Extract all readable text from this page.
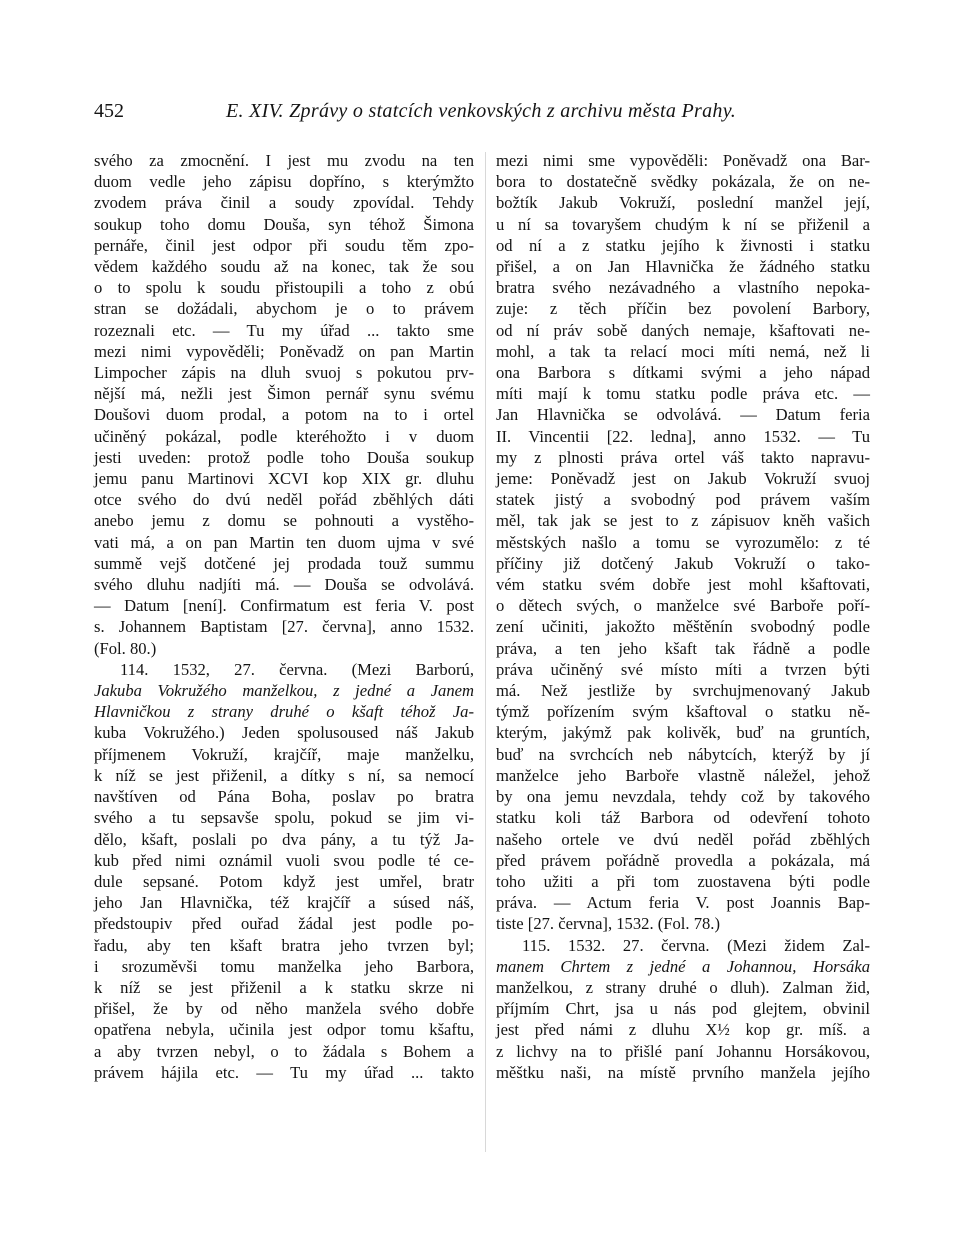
452	E. XIV. Zprávy o statcích venkovských z archivu města Prahy.
svého za zmocnění. I jest mu zvodu na ten
duom vedle jeho zápisu dopříno, s kterýmžto
zvodem práva činil a soudy zpovídal. Tehdy
soukup toho domu Douša, syn téhož Šimona
pernáře, činil jest odpor při soudu těm zpo-
vědem každého soudu až na konec, tak že sou
o to spolu k soudu přistoupili a toho z obú
stran se dožádali, abychom je o to právem
rozeznali etc. — Tu my úřad ... takto sme
mezi nimi vypověděli; Poněvadž on pan Martin
Limpocher zápis na dluh svuoj s pokutou prv-
nější má, nežli jest Šimon pernář synu svému
Doušovi duom prodal, a potom na to i ortel
učiněný pokázal, podle kteréhožto i v duom
jesti uveden: protož podle toho Douša soukup
jemu panu Martinovi XCVI kop XIX gr. dluhu
otce svého do dvú neděl pořád zběhlých dáti
anebo jemu z domu se pohnouti a vystěho-
vati má, a on pan Martin ten duom ujma v své
summě vejš dotčené jej prodada touž summu
svého dluhu nadjíti má. — Douša se odvolává.
— Datum [není]. Confirmatum est feria V. post
s. Johannem Baptistam [27. června], anno 1532.
(Fol. 80.)
114. 1532, 27. června. (Mezi Barború,
Jakuba Vokružého manželkou, z jedné a Janem
Hlavničkou z strany druhé o kšaft téhož Ja-
kuba Vokružého.) Jeden spolusoused náš Jakub
příjmenem Vokruží, krajčíř, maje manželku,
k níž se jest přiženil, a dítky s ní, sa nemocí
navštíven od Pána Boha, poslav po bratra
svého a tu sepsavše spolu, pokud se jim vi-
dělo, kšaft, poslali po dva pány, a tu týž Ja-
kub před nimi oznámil vuoli svou podle té ce-
dule sepsané. Potom když jest umřel, bratr
jeho Jan Hlavnička, též krajčíř a súsed náš,
předstoupiv před ouřad žádal jest podle po-
řadu, aby ten kšaft bratra jeho tvrzen byl;
i srozuměvši tomu manželka jeho Barbora,
k níž se jest přiženil a k statku skrze ni
přišel, že by od něho manžela svého dobře
opatřena nebyla, učinila jest odpor tomu kšaftu,
a aby tvrzen nebyl, o to žádala s Bohem a
právem hájila etc. — Tu my úřad ... takto
mezi nimi sme vypověděli: Poněvadž ona Bar-
bora to dostatečně svědky pokázala, že on ne-
božtík Jakub Vokruží, poslední manžel její,
u ní sa tovaryšem chudým k ní se přiženil a
od ní a z statku jejího k živnosti i statku
přišel, a on Jan Hlavnička že žádného statku
bratra svého nezávadného a vlastního nepoka-
zuje: z těch příčin bez povolení Barbory,
od ní práv sobě daných nemaje, kšaftovati ne-
mohl, a tak ta relací moci míti nemá, než li
ona Barbora s dítkami svými a jeho nápad
míti mají k tomu statku podle práva etc. —
Jan Hlavnička se odvolává. — Datum feria
II. Vincentii [22. ledna], anno 1532. — Tu
my z plnosti práva ortel váš takto napravu-
jeme: Poněvadž jest on Jakub Vokruží svuoj
statek jistý a svobodný pod právem vaším
měl, tak jak se jest to z zápisuov kněh vašich
městských našlo a tomu se vyrozumělo: z té
příčiny již dotčený Jakub Vokruží o tako-
vém statku svém dobře jest mohl kšaftovati,
o dětech svých, o manželce své Barboře poří-
zení učiniti, jakožto měštěnín svobodný podle
práva, a ten jeho kšaft tak řádně a podle
práva učiněný své místo míti a tvrzen býti
má. Než jestliže by svrchujmenovaný Jakub
týmž pořízením svým kšaftoval o statku ně-
kterým, jakýmž pak kolivěk, buď na gruntích,
buď na svrchcích neb nábytcích, kterýž by jí
manželce jeho Barboře vlastně náležel, jehož
by ona jemu nevzdala, tehdy což by takového
statku koli táž Barbora od odevření tohoto
našeho ortele ve dvú neděl pořád zběhlých
před právem pořádně provedla a pokázala, má
toho užiti a při tom zuostavena býti podle
práva. — Actum feria V. post Joannis Bap-
tiste [27. června], 1532. (Fol. 78.)
115. 1532. 27. června. (Mezi židem Zal-
manem Chrtem z jedné a Johannou, Horsáka
manželkou, z strany druhé o dluh). Zalman žid,
příjmím Chrt, jsa u nás pod glejtem, obvinil
jest před námi z dluhu X½ kop gr. míš. a
z lichvy na to přišlé paní Johannu Horsákovou,
měštku naši, na místě prvního manžela jejího
